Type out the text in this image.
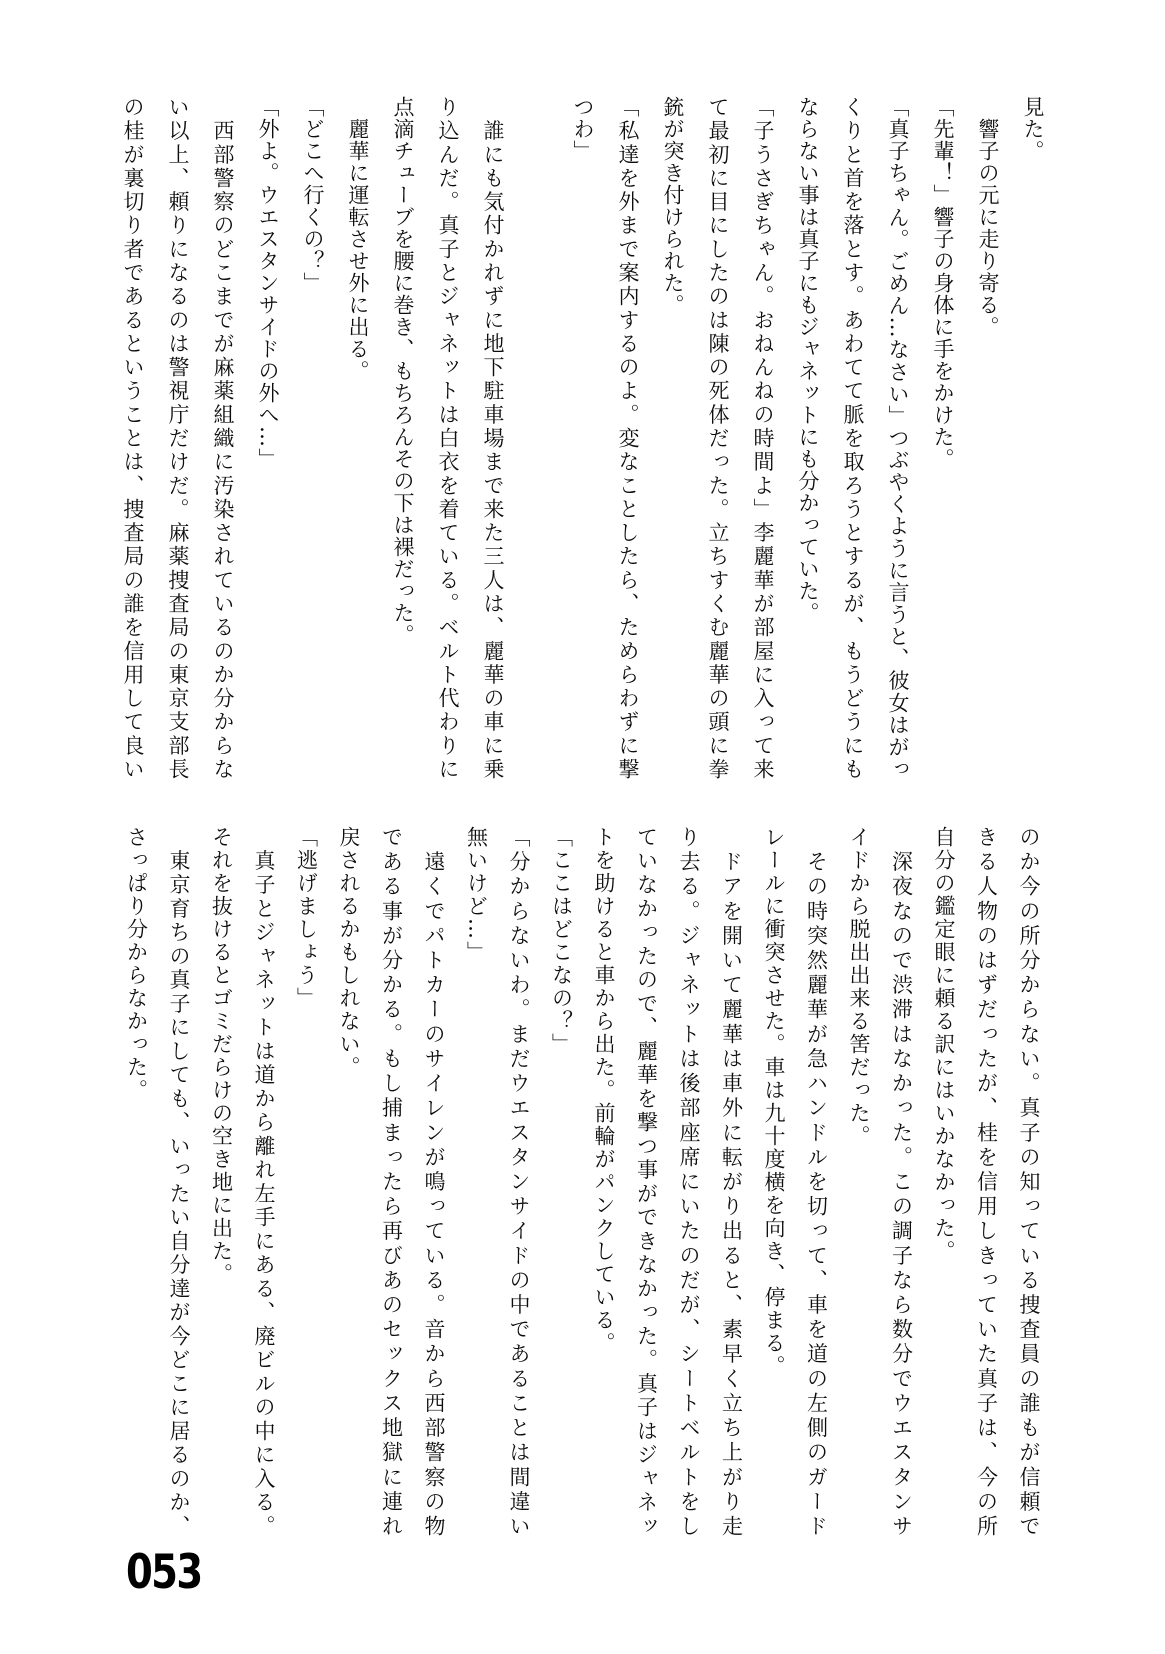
見た。
　響子の元に走り寄る。
「先輩！」響子の身体に手をかけた。
「真子ちゃん。ごめん…なさい」つぶやくように言うと、彼女はがっ
くりと首を落とす。あわてて脈を取ろうとするが、もうどうにも
ならない事は真子にもジャネットにも分かっていた。
「子うさぎちゃん。おねんねの時間よ」李麗華が部屋に入って来
て最初に目にしたのは陳の死体だった。立ちすくむ麗華の頭に拳
銃が突き付けられた。
「私達を外まで案内するのよ。変なことしたら、ためらわずに撃
つわ」

　誰にも気付かれずに地下駐車場まで来た三人は、麗華の車に乗
り込んだ。真子とジャネットは白衣を着ている。ベルト代わりに
点滴チューブを腰に巻き、もちろんその下は裸だった。
　麗華に運転させ外に出る。
「どこへ行くの？」
「外よ。ウエスタンサイドの外へ…」
　西部警察のどこまでが麻薬組織に汚染されているのか分からな
い以上、頼りになるのは警視庁だけだ。麻薬捜査局の東京支部長
の桂が裏切り者であるということは、捜査局の誰を信用して良い
のか今の所分からない。真子の知っている捜査員の誰もが信頼で
きる人物のはずだったが、桂を信用しきっていた真子は、今の所
自分の鑑定眼に頼る訳にはいかなかった。
　深夜なので渋滞はなかった。この調子なら数分でウエスタンサ
イドから脱出出来る筈だった。
　その時突然麗華が急ハンドルを切って、車を道の左側のガード
レールに衝突させた。車は九十度横を向き、停まる。
　ドアを開いて麗華は車外に転がり出ると、素早く立ち上がり走
り去る。ジャネットは後部座席にいたのだが、シートベルトをし
ていなかったので、麗華を撃つ事ができなかった。真子はジャネッ
トを助けると車から出た。前輪がパンクしている。
「ここはどこなの？」
「分からないわ。まだウエスタンサイドの中であることは間違い
無いけど…」
　遠くでパトカーのサイレンが鳴っている。音から西部警察の物
である事が分かる。もし捕まったら再びあのセックス地獄に連れ
戻されるかもしれない。
「逃げましょう」
　真子とジャネットは道から離れ左手にある、廃ビルの中に入る。
それを抜けるとゴミだらけの空き地に出た。
　東京育ちの真子にしても、いったい自分達が今どこに居るのか、
さっぱり分からなかった。
053
